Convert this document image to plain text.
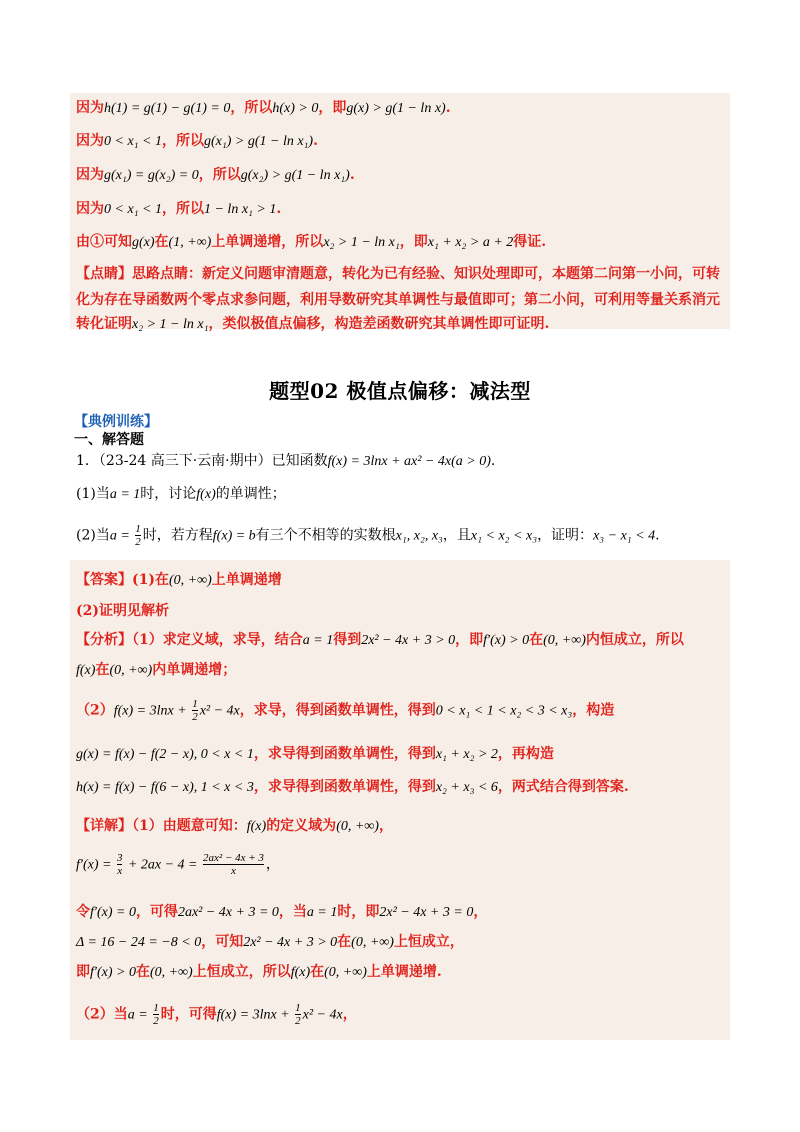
因为h(1) = g(1) − g(1) = 0，所以h(x) > 0，即g(x) > g(1 − ln x).
因为0 < x₁ < 1，所以g(x₁) > g(1 − ln x₁).
因为g(x₁) = g(x₂) = 0，所以g(x₂) > g(1 − ln x₁).
因为0 < x₁ < 1，所以1 − ln x₁ > 1.
由①可知g(x)在(1, +∞)上单调递增，所以x₂ > 1 − ln x₁，即x₁ + x₂ > a + 2得证.
【点睛】思路点睛：新定义问题审清题意，转化为已有经验、知识处理即可，本题第二问第一小问，可转
化为存在导函数两个零点求参问题，利用导数研究其单调性与最值即可；第二小问，可利用等量关系消元
转化证明x₂ > 1 − ln x₁，类似极值点偏移，构造差函数研究其单调性即可证明.
题型02 极值点偏移：减法型
【典例训练】
一、解答题
1．（23-24 高三下·云南·期中）已知函数f(x) = 3lnx + ax² − 4x(a > 0).
(1)当a = 1时，讨论f(x)的单调性；
(2)当$a = \frac{1}{2}$ 时，若方程f(x) = b有三个不相等的实数根x₁, x₂, x₃，且x₁ < x₂ < x₃，证明：x₃ − x₁ < 4.
【答案】(1)在(0, +∞)上单调递增
(2)证明见解析
【分析】（1）求定义域，求导，结合a = 1得到2x² − 4x + 3 > 0，即f′(x) > 0在(0, +∞)内恒成立，所以
f(x)在(0, +∞)内单调递增；
$(2)f(x) = 3\ln x + \frac{1}{2} x^2 - 4x$，求导，得到函数单调性，得到0 < x₁ < 1 < x₂ < 3 < x₃，构造
g(x) = f(x) − f(2 − x), 0 < x < 1，求导得到函数单调性，得到x₁ + x₂ > 2，再构造
h(x) = f(x) − f(6 − x), 1 < x < 3，求导得到函数单调性，得到x₂ + x₃ < 6，两式结合得到答案.
【详解】（1）由题意可知：f(x)的定义域为(0, +∞)，
$f'(x) = \frac{3}{x} + 2ax - 4 = \frac{\text{2ax² − 4x + 3}}{x}$ ，
令f′(x) = 0，可得2ax² − 4x + 3 = 0，当a = 1时，即2x² − 4x + 3 = 0，
Δ = 16 − 24 = −8 < 0，可知2x² − 4x + 3 > 0在(0, +∞)上恒成立，
即f′(x) > 0在(0, +∞)上恒成立，所以f(x)在(0, +∞)上单调递增.
（2）当$a = \frac{1}{2}$ 时，可得$f(x) = 3\ln x + \frac{1}{2} x^2 - 4x$，
